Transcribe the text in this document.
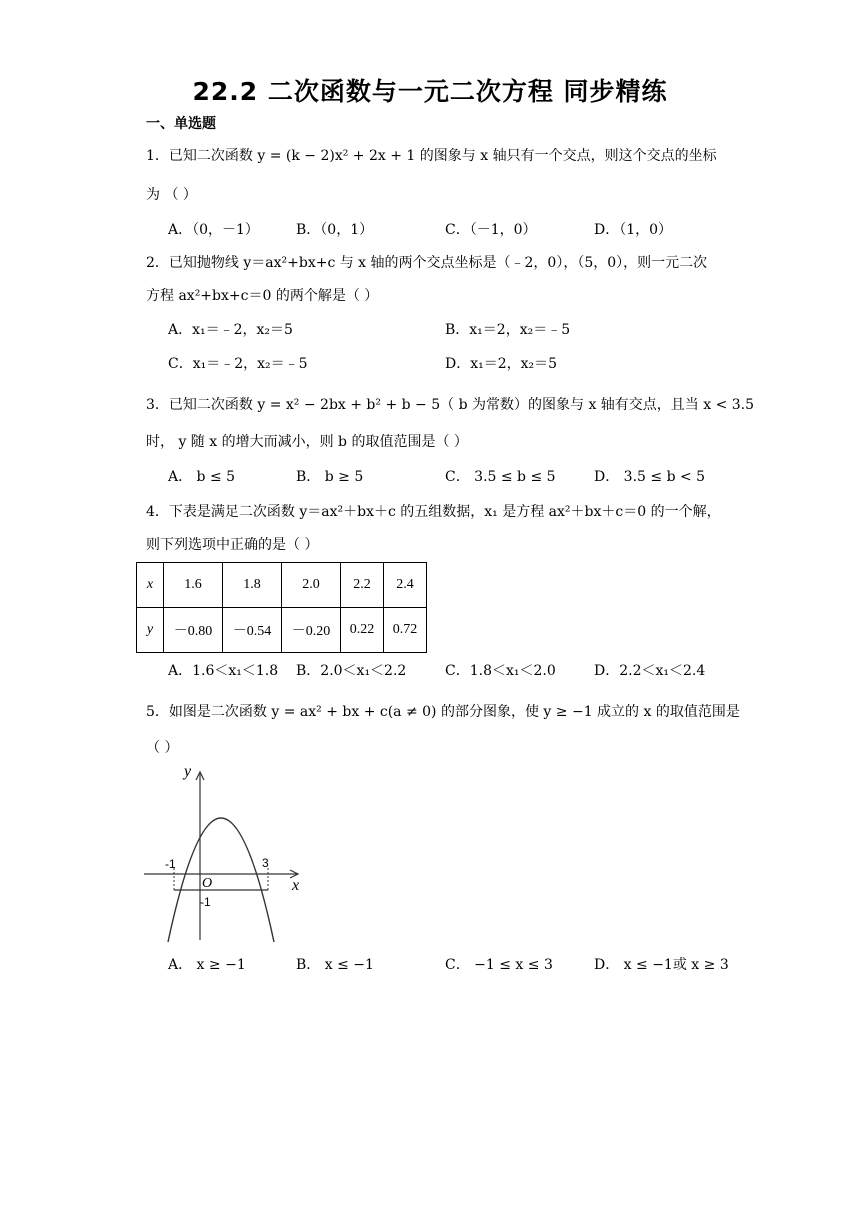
22.2 二次函数与一元二次方程 同步精练
一、单选题
1．已知二次函数 y = (k − 2)x² + 2x + 1 的图象与 x 轴只有一个交点，则这个交点的坐标
为 （ ）
A．（0，－1）	B．（0，1）	C．（－1，0）	D．（1，0）
2．已知抛物线 y＝ax²+bx+c 与 x 轴的两个交点坐标是（﹣2，0），（5，0），则一元二次
方程 ax²+bx+c＝0 的两个解是（ ）
A．x₁＝﹣2，x₂＝5	B．x₁＝2，x₂＝﹣5
C．x₁＝﹣2，x₂＝﹣5	D．x₁＝2，x₂＝5
3．已知二次函数 y = x² − 2bx + b² + b − 5（ b 为常数）的图象与 x 轴有交点，且当 x < 3.5
时， y 随 x 的增大而减小，则 b 的取值范围是（ ）
A． b ≤ 5	B． b ≥ 5	C． 3.5 ≤ b ≤ 5	D． 3.5 ≤ b < 5
4．下表是满足二次函数 y＝ax²＋bx＋c 的五组数据，x₁ 是方程 ax²＋bx＋c＝0 的一个解，
则下列选项中正确的是（ ）
x	1.6	1.8	2.0	2.2	2.4
y	－0.80	－0.54	－0.20	0.22	0.72
A．1.6＜x₁＜1.8 B．2.0＜x₁＜2.2	C．1.8＜x₁＜2.0	D．2.2＜x₁＜2.4
5．如图是二次函数 y = ax² + bx + c(a ≠ 0) 的部分图象，使 y ≥ −1 成立的 x 的取值范围是
（ ）
y
x
O
-1	3
-1
A． x ≥ −1	B． x ≤ −1	C． −1 ≤ x ≤ 3	D． x ≤ −1或 x ≥ 3
